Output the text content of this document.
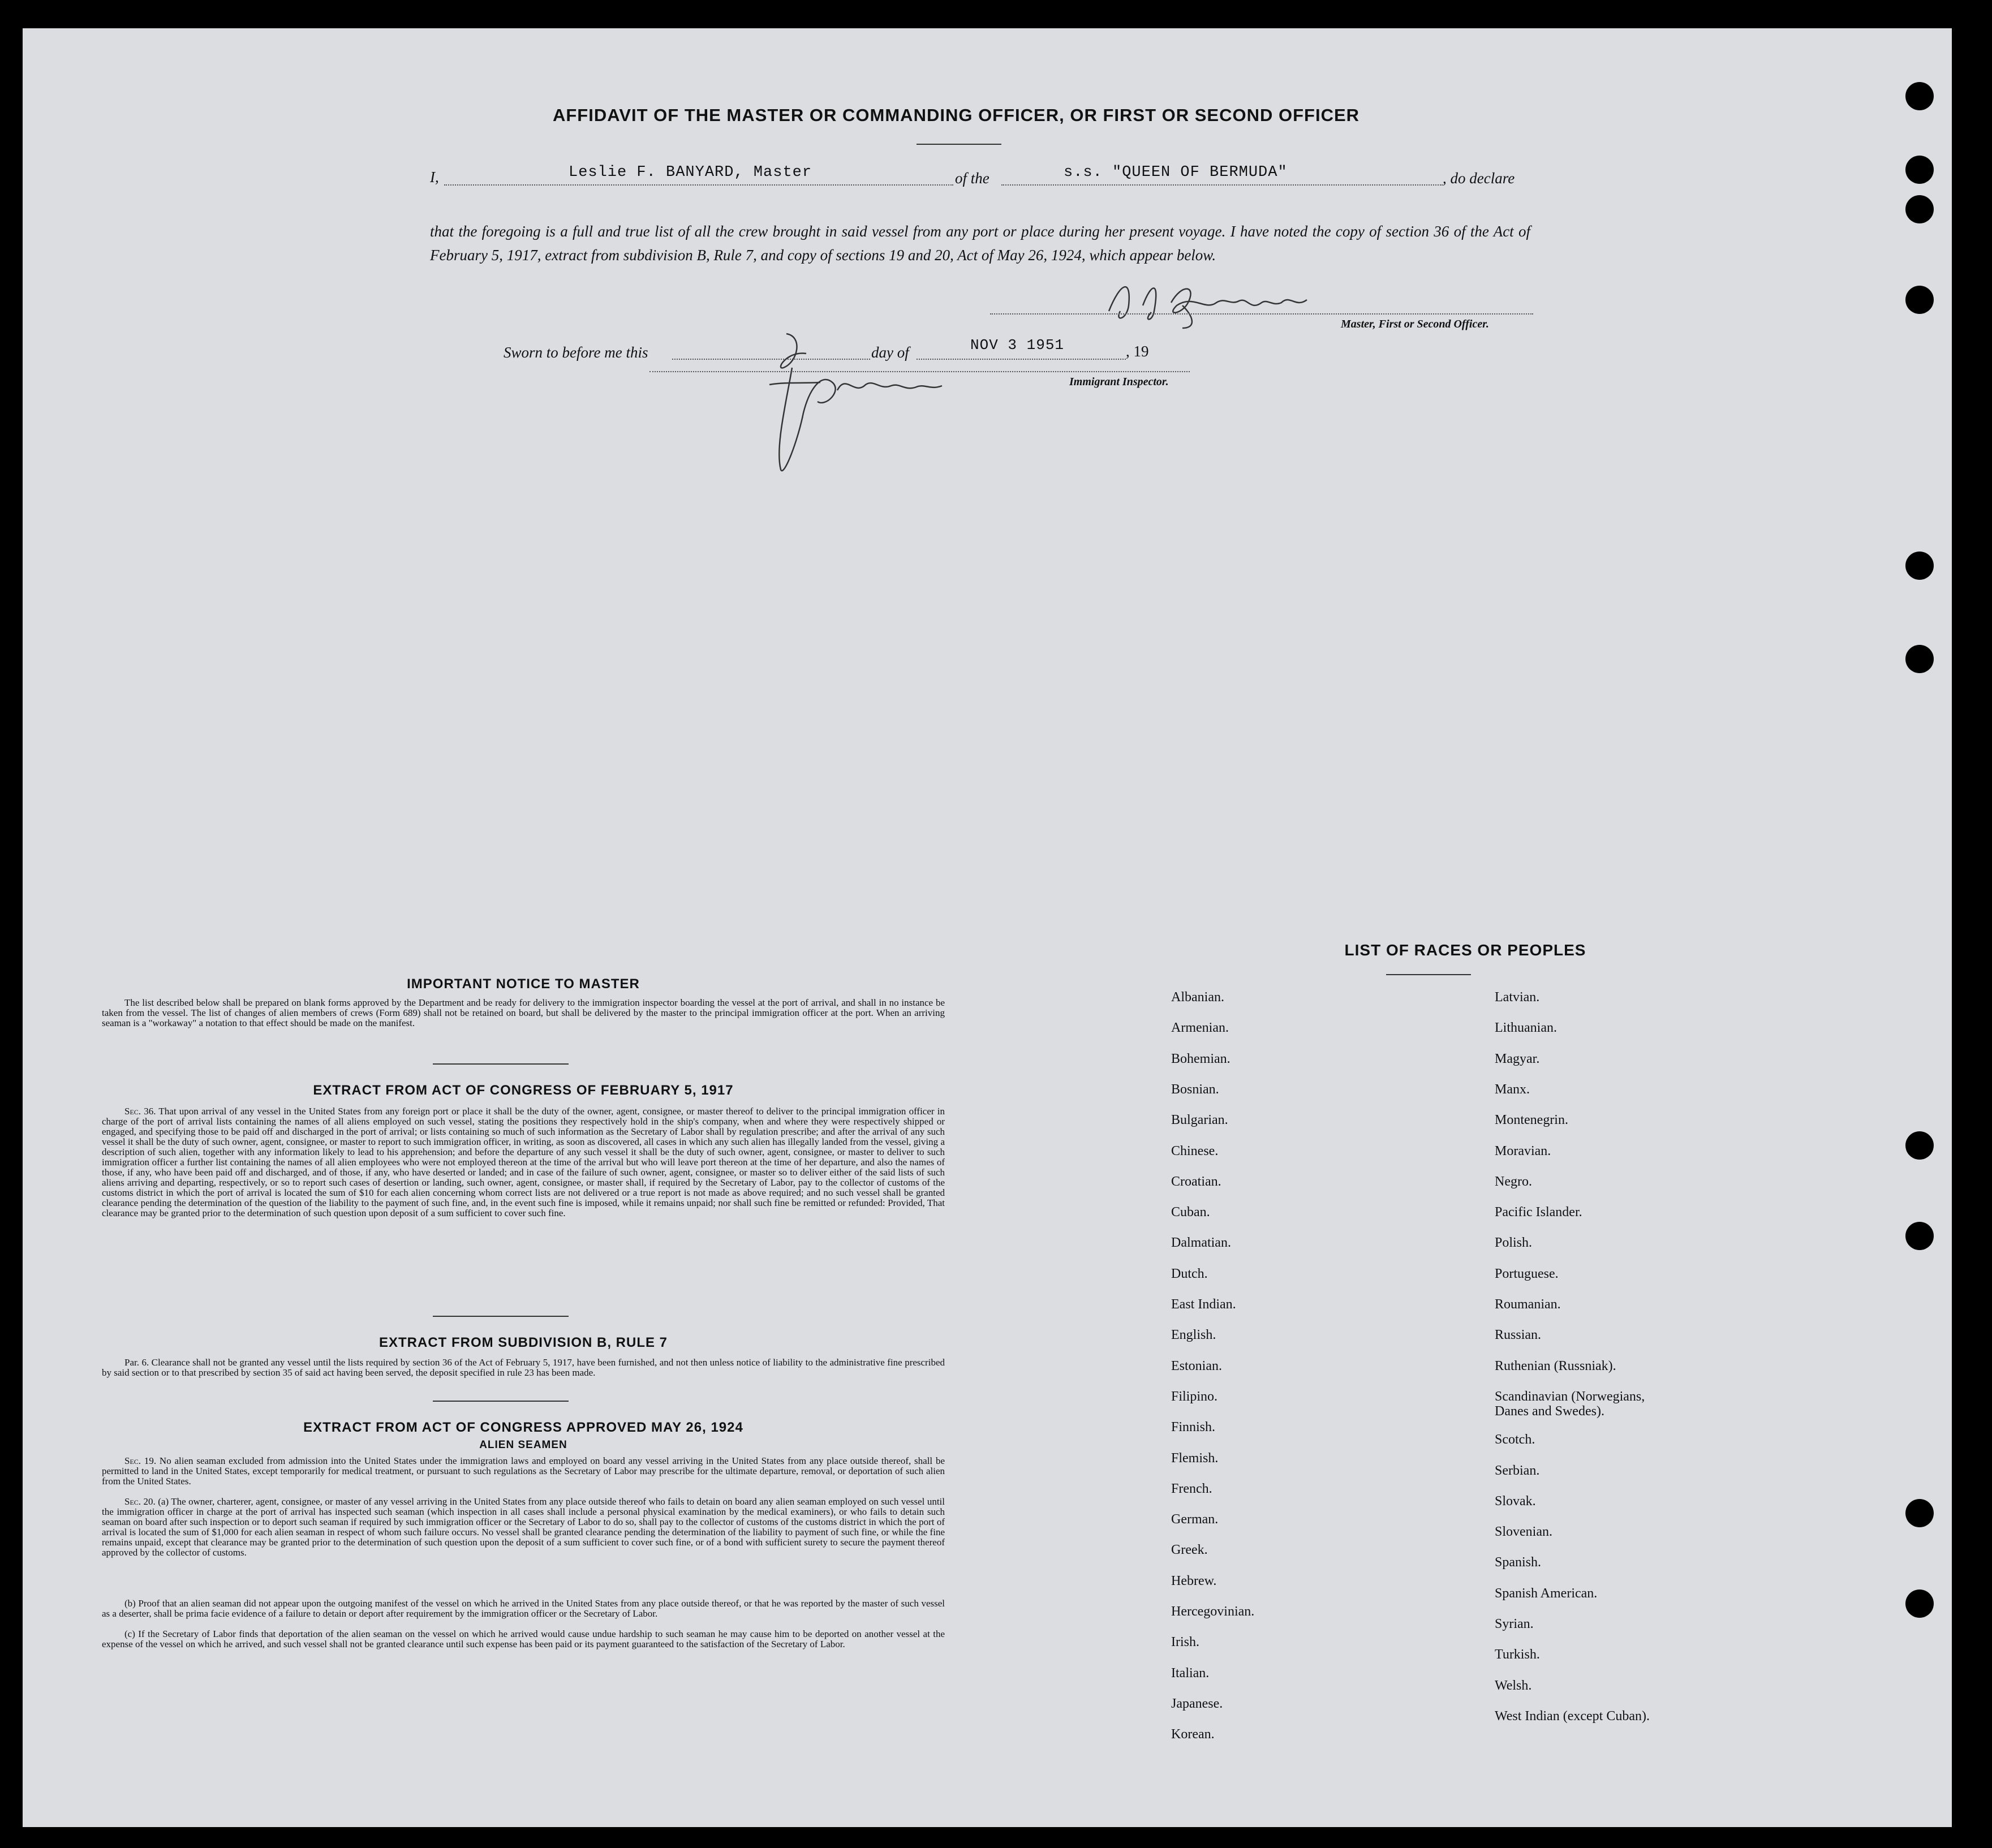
AFFIDAVIT OF THE MASTER OR COMMANDING OFFICER, OR FIRST OR SECOND OFFICER
I,	Leslie F. BANYARD, Master	of the	s.s. "QUEEN OF BERMUDA"	, do declare
that the foregoing is a full and true list of all the crew brought in said vessel from any port or place during her present voyage. I have noted the copy of section 36 of the Act of February 5, 1917, extract from subdivision B, Rule 7, and copy of sections 19 and 20, Act of May 26, 1924, which appear below.
Master, First or Second Officer.
Sworn to before me this	day of	NOV 3 1951	, 19
Immigrant Inspector.
IMPORTANT NOTICE TO MASTER
The list described below shall be prepared on blank forms approved by the Department and be ready for delivery to the immigration inspector boarding the vessel at the port of arrival, and shall in no instance be taken from the vessel. The list of changes of alien members of crews (Form 689) shall not be retained on board, but shall be delivered by the master to the principal immigration officer at the port. When an arriving seaman is a "workaway" a notation to that effect should be made on the manifest.
EXTRACT FROM ACT OF CONGRESS OF FEBRUARY 5, 1917
Sec. 36. That upon arrival of any vessel in the United States from any foreign port or place it shall be the duty of the owner, agent, consignee, or master thereof to deliver to the principal immigration officer in charge of the port of arrival lists containing the names of all aliens employed on such vessel, stating the positions they respectively hold in the ship's company, when and where they were respectively shipped or engaged, and specifying those to be paid off and discharged in the port of arrival; or lists containing so much of such information as the Secretary of Labor shall by regulation prescribe; and after the arrival of any such vessel it shall be the duty of such owner, agent, consignee, or master to report to such immigration officer, in writing, as soon as discovered, all cases in which any such alien has illegally landed from the vessel, giving a description of such alien, together with any information likely to lead to his apprehension; and before the departure of any such vessel it shall be the duty of such owner, agent, consignee, or master to deliver to such immigration officer a further list containing the names of all alien employees who were not employed thereon at the time of the arrival but who will leave port thereon at the time of her departure, and also the names of those, if any, who have been paid off and discharged, and of those, if any, who have deserted or landed; and in case of the failure of such owner, agent, consignee, or master so to deliver either of the said lists of such aliens arriving and departing, respectively, or so to report such cases of desertion or landing, such owner, agent, consignee, or master shall, if required by the Secretary of Labor, pay to the collector of customs of the customs district in which the port of arrival is located the sum of $10 for each alien concerning whom correct lists are not delivered or a true report is not made as above required; and no such vessel shall be granted clearance pending the determination of the question of the liability to the payment of such fine, and, in the event such fine is imposed, while it remains unpaid; nor shall such fine be remitted or refunded: Provided, That clearance may be granted prior to the determination of such question upon deposit of a sum sufficient to cover such fine.
EXTRACT FROM SUBDIVISION B, RULE 7
Par. 6. Clearance shall not be granted any vessel until the lists required by section 36 of the Act of February 5, 1917, have been furnished, and not then unless notice of liability to the administrative fine prescribed by said section or to that prescribed by section 35 of said act having been served, the deposit specified in rule 23 has been made.
EXTRACT FROM ACT OF CONGRESS APPROVED MAY 26, 1924
ALIEN SEAMEN
Sec. 19. No alien seaman excluded from admission into the United States under the immigration laws and employed on board any vessel arriving in the United States from any place outside thereof, shall be permitted to land in the United States, except temporarily for medical treatment, or pursuant to such regulations as the Secretary of Labor may prescribe for the ultimate departure, removal, or deportation of such alien from the United States.
Sec. 20. (a) The owner, charterer, agent, consignee, or master of any vessel arriving in the United States from any place outside thereof who fails to detain on board any alien seaman employed on such vessel until the immigration officer in charge at the port of arrival has inspected such seaman (which inspection in all cases shall include a personal physical examination by the medical examiners), or who fails to detain such seaman on board after such inspection or to deport such seaman if required by such immigration officer or the Secretary of Labor to do so, shall pay to the collector of customs of the customs district in which the port of arrival is located the sum of $1,000 for each alien seaman in respect of whom such failure occurs. No vessel shall be granted clearance pending the determination of the liability to payment of such fine, or while the fine remains unpaid, except that clearance may be granted prior to the determination of such question upon the deposit of a sum sufficient to cover such fine, or of a bond with sufficient surety to secure the payment thereof approved by the collector of customs.
(b) Proof that an alien seaman did not appear upon the outgoing manifest of the vessel on which he arrived in the United States from any place outside thereof, or that he was reported by the master of such vessel as a deserter, shall be prima facie evidence of a failure to detain or deport after requirement by the immigration officer or the Secretary of Labor.
(c) If the Secretary of Labor finds that deportation of the alien seaman on the vessel on which he arrived would cause undue hardship to such seaman he may cause him to be deported on another vessel at the expense of the vessel on which he arrived, and such vessel shall not be granted clearance until such expense has been paid or its payment guaranteed to the satisfaction of the Secretary of Labor.
LIST OF RACES OR PEOPLES
Albanian.
Armenian.
Bohemian.
Bosnian.
Bulgarian.
Chinese.
Croatian.
Cuban.
Dalmatian.
Dutch.
East Indian.
English.
Estonian.
Filipino.
Finnish.
Flemish.
French.
German.
Greek.
Hebrew.
Hercegovinian.
Irish.
Italian.
Japanese.
Korean.
Latvian.
Lithuanian.
Magyar.
Manx.
Montenegrin.
Moravian.
Negro.
Pacific Islander.
Polish.
Portuguese.
Roumanian.
Russian.
Ruthenian (Russniak).
Scandinavian (Norwegians, Danes and Swedes).
Scotch.
Serbian.
Slovak.
Slovenian.
Spanish.
Spanish American.
Syrian.
Turkish.
Welsh.
West Indian (except Cuban).
